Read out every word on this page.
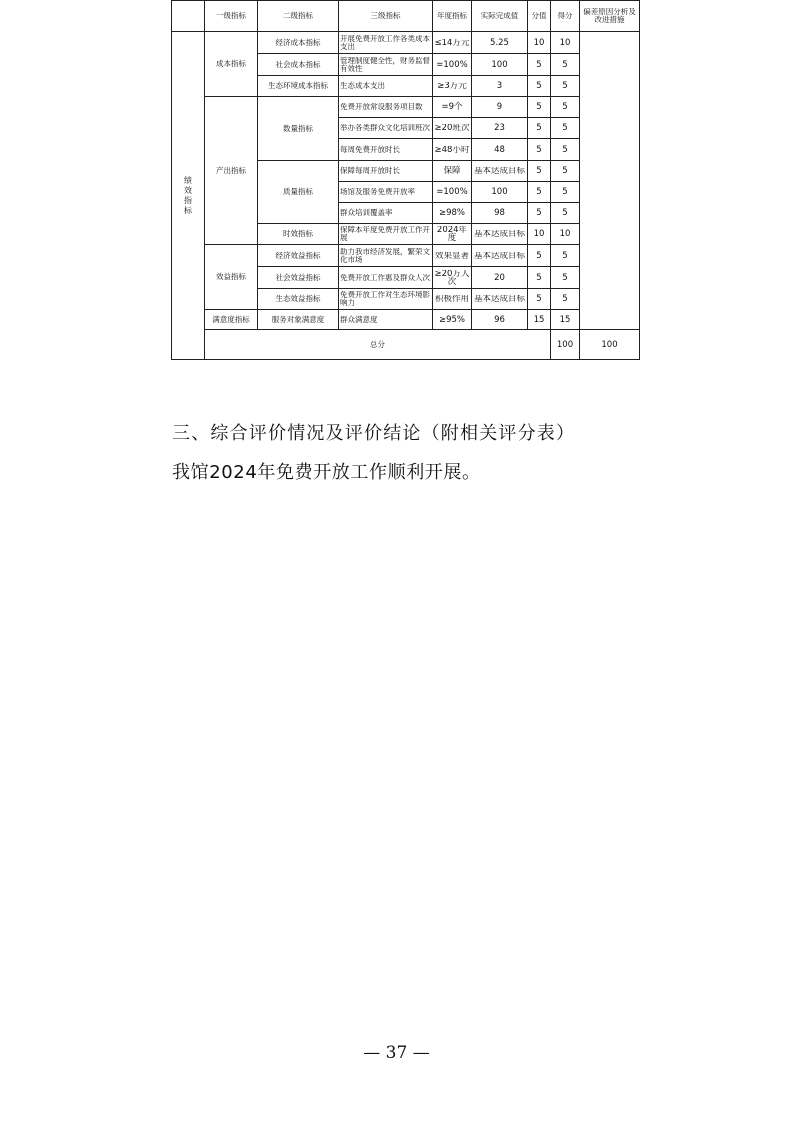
	一级指标	二级指标	三级指标	年度指标	实际完成值	分值	得分	偏差原因分析及改进措施	

绩效指标	成本指标	经济成本指标	开展免费开放工作各类成本支出	≤14万元	5.25	10	10		
		社会成本指标	管理制度健全性，财务监督有效性	=100%	100	5	5		
		生态环境成本指标	生态成本支出	≥3万元	3	5	5		
	产出指标	数量指标	免费开放常设服务项目数	=9个	9	5	5		

			举办各类群众文化培训班次	≥20班次	23	5	5		
			每周免费开放时长	≥48小时	48	5	5		
		质量指标	保障每周开放时长	保障	基本达成目标	5	5		

			场馆及服务免费开放率	=100%	100	5	5		
			群众培训覆盖率	≥98%	98	5	5		
		时效指标	保障本年度免费开放工作开展	2024年度	基本达成目标	10	10		
	效益指标	经济效益指标	助力我市经济发展，繁荣文化市场	效果显著	基本达成目标	5	5		
		社会效益指标	免费开放工作惠及群众人次	≥20万人次	20	5	5		
		生态效益指标	免费开放工作对生态环境影响力	积极作用	基本达成目标	5	5		
	满意度指标	服务对象满意度	群众满意度	≥95%	96	15	15		
	总分						100	100	
三、综合评价情况及评价结论（附相关评分表）
我馆2024年免费开放工作顺利开展。
— 37 —
